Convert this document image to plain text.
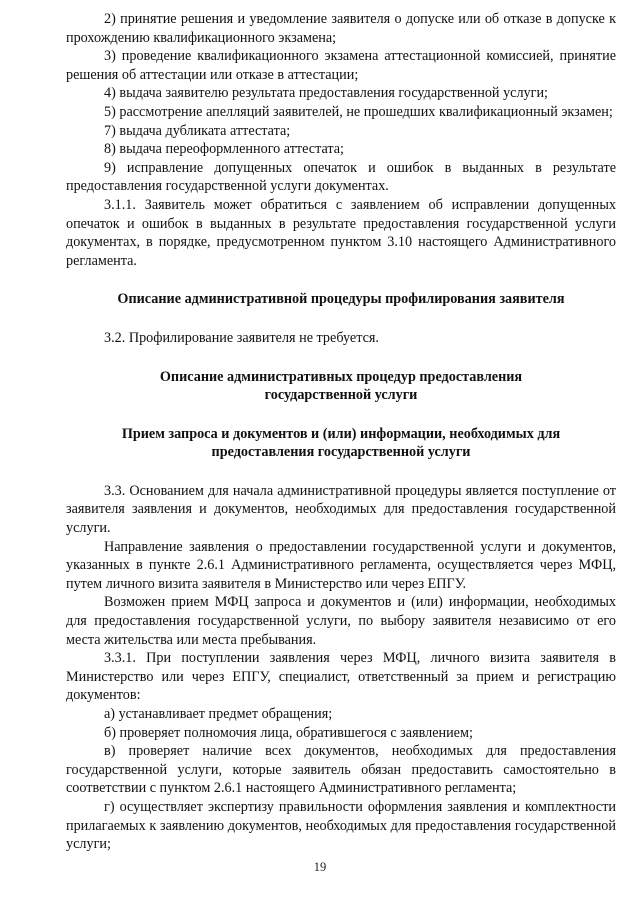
2) принятие решения и уведомление заявителя о допуске или об отказе в допуске к прохождению квалификационного экзамена;

3) проведение квалификационного экзамена аттестационной комиссией, принятие решения об аттестации или отказе в аттестации;

4) выдача заявителю результата предоставления государственной услуги;

5) рассмотрение апелляций заявителей, не прошедших квалификационный экзамен;

7) выдача дубликата аттестата;

8) выдача переоформленного аттестата;

9) исправление допущенных опечаток и ошибок в выданных в результате предоставления государственной услуги документах.

3.1.1. Заявитель может обратиться с заявлением об исправлении допущенных опечаток и ошибок в выданных в результате предоставления государственной услуги документах, в порядке, предусмотренном пунктом 3.10 настоящего Административного регламента.

Описание административной процедуры профилирования заявителя

3.2. Профилирование заявителя не требуется.

Описание административных процедур предоставления государственной услуги

Прием запроса и документов и (или) информации, необходимых для предоставления государственной услуги

3.3. Основанием для начала административной процедуры является поступление от заявителя заявления и документов, необходимых для предоставления государственной услуги.

Направление заявления о предоставлении государственной услуги и документов, указанных в пункте 2.6.1 Административного регламента, осуществляется через МФЦ, путем личного визита заявителя в Министерство или через ЕПГУ.

Возможен прием МФЦ запроса и документов и (или) информации, необходимых для предоставления государственной услуги, по выбору заявителя независимо от его места жительства или места пребывания.

3.3.1. При поступлении заявления через МФЦ, личного визита заявителя в Министерство или через ЕПГУ, специалист, ответственный за прием и регистрацию документов:

а) устанавливает предмет обращения;

б) проверяет полномочия лица, обратившегося с заявлением;

в) проверяет наличие всех документов, необходимых для предоставления государственной услуги, которые заявитель обязан предоставить самостоятельно в соответствии с пунктом 2.6.1 настоящего Административного регламента;

г) осуществляет экспертизу правильности оформления заявления и комплектности прилагаемых к заявлению документов, необходимых для предоставления государственной услуги;

19
